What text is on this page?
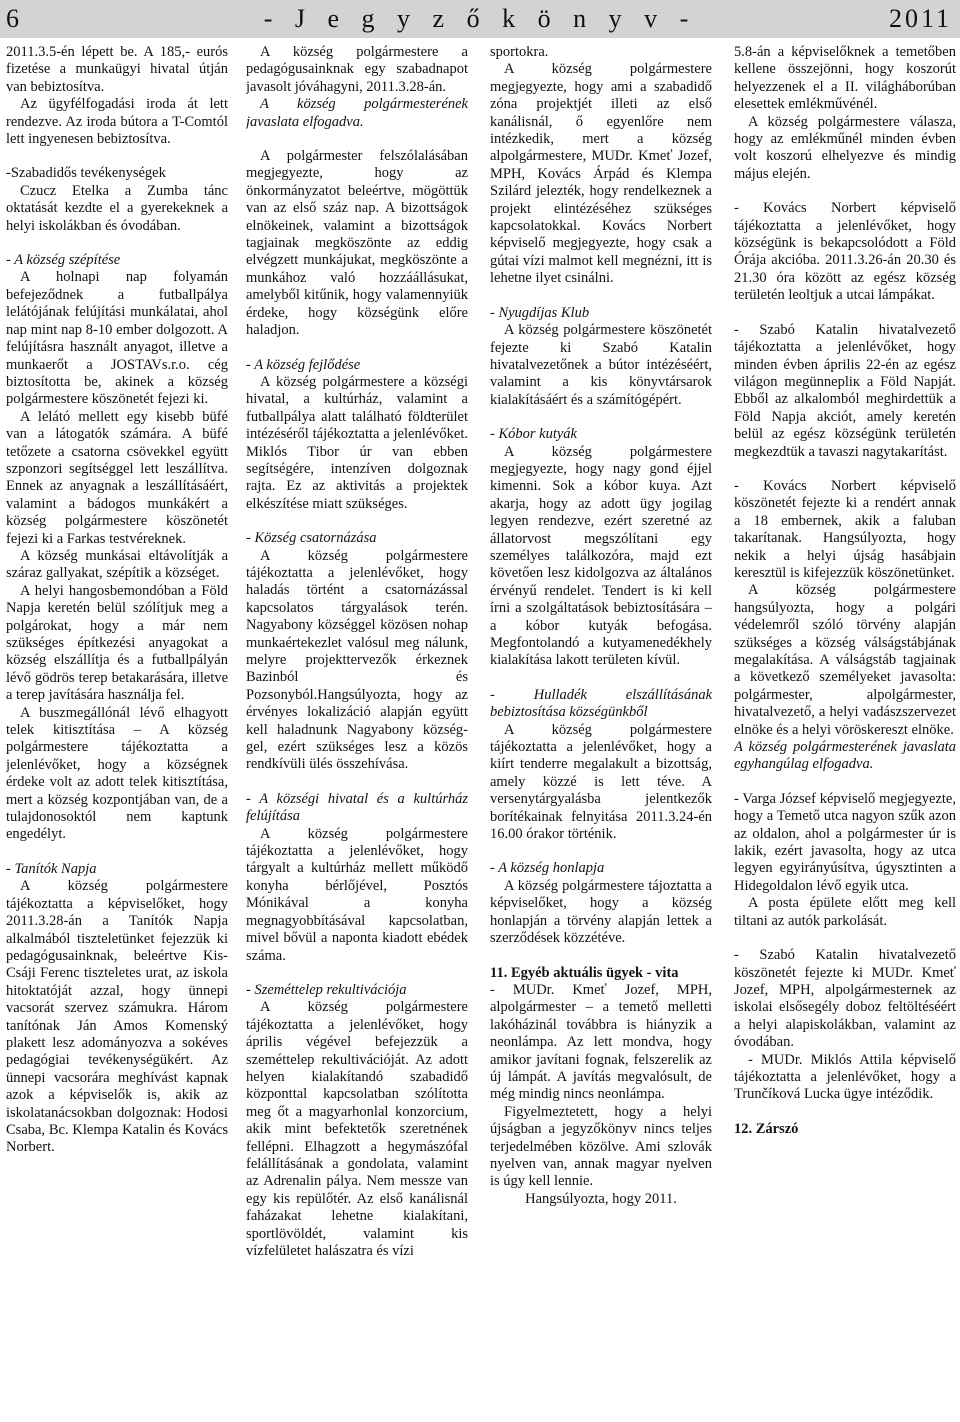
- J e g y z ő k ö n y v -
6	2011

2011.3.5-én lépett be. A 185,- eurós fizetése a munkaügyi hivatal útján van bebiztosítva.

Az ügyfélfogadási iroda át lett rendezve. Az iroda bútora a T-Comtól lett ingyenesen bebiztosítva.

-Szabadidős tevékenységek

Czucz Etelka a Zumba tánc oktatását kezdte el a gyerekeknek a helyi iskolákban és óvodában.

- A község szépítése

A holnapi nap folyamán befejeződnek a futballpálya lelátójának felújítási munkálatai, ahol nap mint nap 8-10 ember dolgozott. A felújításra használt anyagot, illetve a munkaerőt a JOSTAVs.r.o. cég biztosította be, akinek a község polgármestere köszönetét fejezi ki.

A lelátó mellett egy kisebb büfé van a látogatók számára. A büfé tetőzete a csatorna csövekkel együtt szponzori segítséggel lett leszállítva. Ennek az anyagnak a leszállításáért, valamint a bádogos munkákért a község polgármestere köszönetét fejezi ki a Farkas testvéreknek.

A község munkásai eltávolítják a száraz gallyakat, szépítik a községet.

A helyi hangosbemondóban a Föld Napja keretén belül szólítjuk meg a polgárokat, hogy a már nem szükséges építkezési anyagokat a község elszállítja és a futballpályán lévő gödrös terep betakarására, illetve a terep javítására használja fel.

A buszmegállónál lévő elhagyott telek kitisztítása – A község polgármestere tájékoztatta a jelenlévőket, hogy a községnek érdeke volt az adott telek kitisztítása, mert a község kozpontjában van, de a tulajdonosoktól nem kaptunk engedélyt.

- Tanítók Napja

A község polgármestere tájékoztatta a képviselőket, hogy 2011.3.28-án a Tanítók Napja alkalmából tiszteletünket fejezzük ki pedagógusainknak, beleértve Kis-Csáji Ferenc tiszteletes urat, az iskola hitoktatóját azzal, hogy ünnepi vacsorát szervez számukra. Három tanítónak Ján Amos Komenský plakett lesz adományozva a sokéves pedagógiai tevékenységükért. Az ünnepi vacsorára meghívást kapnak azok a képviselők is, akik az iskolatanácsokban dolgoznak: Hodosi Csaba, Bc. Klempa Katalin és Kovács Norbert.

A község polgármestere a pedagógusainknak egy szabadnapot javasolt jóváhagyni, 2011.3.28-án.

A község polgármesterének javaslata elfogadva.

A polgármester felszólalásában megjegyezte, hogy az önkormányzatot beleértve, mögöttük van az első száz nap. A bizottságok elnökeinek, valamint a bizottságok tagjainak megköszönte az eddig elvégzett munkájukat, megköszönte a munkához való hozzáállásukat, amelyből kitűnik, hogy valamennyiük érdeke, hogy községünk előre haladjon.

- A község fejlődése

A község polgármestere a községi hivatal, a kultúrház, valamint a futballpálya alatt található földterület intézéséről tájékoztatta a jelenlévőket. Miklós Tibor úr van ebben segítségére, intenzíven dolgoznak rajta. Ez az aktivitás a projektek elkészítése miatt szükséges.

- Község csatornázása

A község polgármestere tájékoztatta a jelenlévőket, hogy haladás történt a csatornázással kapcsolatos tárgyalások terén. Nagyabony községgel közösen nohap munkaértekezlet valósul meg nálunk, melyre projekttervezők érkeznek Bazinból és Pozsonyból.Hangsúlyozta, hogy az érvényes lokalizáció alapján együtt kell haladnunk Nagyabony község-gel, ezért szükséges lesz a közös rendkívüli ülés összehívása.

- A községi hivatal és a kultúrház felújítása

A község polgármestere tájékoztatta a jelenlévőket, hogy tárgyalt a kultúrház mellett működő konyha bérlőjével, Posztós Mónikával a konyha megnagyobbításával kapcsolatban, mivel bővül a naponta kiadott ebédek száma.

- Szeméttelep rekultivációja

A község polgármestere tájékoztatta a jelenlévőket, hogy április végével befejezzük a szeméttelep rekultivációját. Az adott helyen kialakítandó szabadidő központtal kapcsolatban szólította meg őt a magyarhonlal konzorcium, akik mint befektetők szeretnének fellépni. Elhagzott a hegymászófal felállításának a gondolata, valamint az Adrenalin pálya. Nem messze van egy kis repülőtér. Az első kanálisnál faházakat lehetne kialakítani, sportlövöldét, valamint kis vízfelületet halászatra és vízi

sportokra.

A község polgármestere megjegyezte, hogy ami a szabadidő zóna projektjét illeti az első kanálisnál, ő egyenlőre nem intézkedik, mert a község alpolgármestere, MUDr. Kmeť Jozef, MPH, Kovács Árpád és Klempa Szilárd jelezték, hogy rendelkeznek a projekt elintézéséhez szükséges kapcsolatokkal. Kovács Norbert képviselő megjegyezte, hogy csak a gútai vízi malmot kell megnézni, itt is lehetne ilyet csinálni.

- Nyugdíjas Klub

A község polgármestere köszönetét fejezte ki Szabó Katalin hivatalvezetőnek a bútor intézéséért, valamint a kis könyvtársarok kialakításáért és a számítógépért.

- Kóbor kutyák

A község polgármestere megjegyezte, hogy nagy gond éjjel kimenni. Sok a kóbor kuya. Azt akarja, hogy az adott ügy jogilag legyen rendezve, ezért szeretné az állatorvost megszólítani egy személyes találkozóra, majd ezt követően lesz kidolgozva az általános érvényű rendelet. Tendert is ki kell írni a szolgáltatások bebiztosítására – a kóbor kutyák befogása. Megfontolandó a kutyamenedékhely kialakítása lakott területen kívül.

- Hulladék elszállításának bebiztosítása községünkből

A község polgármestere tájékoztatta a jelenlévőket, hogy a kiírt tenderre megalakult a bizottság, amely közzé is lett téve. A versenytárgyalásba jelentkezők borítékainak felnyitása 2011.3.24-én 16.00 órakor történik.

- A község honlapja

A község polgármestere tájoztatta a képviselőket, hogy a község honlapján a törvény alapján lettek a szerződések közzétéve.

11. Egyéb aktuális ügyek - vita

- MUDr. Kmeť Jozef, MPH, alpolgármester – a temető melletti lakóházinál továbbra is hiányzik a neonlámpa. Az lett mondva, hogy amikor javítani fognak, felszerelik az új lámpát. A javítás megvalósult, de még mindig nincs neonlámpa.

Figyelmeztetett, hogy a helyi újságban a jegyzőkönyv nincs teljes terjedelmében közölve. Ami szlovák nyelven van, annak magyar nyelven is úgy kell lennie.

Hangsúlyozta, hogy 2011.

5.8-án a képviselőknek a temetőben kellene összejönni, hogy koszorút helyezzenek el a II. világháborúban elesettek emlékművénél.

A község polgármestere válasza, hogy az emlékműnél minden évben volt koszorú elhelyezve és mindig május elején.

- Kovács Norbert képviselő tájékoztatta a jelenlévőket, hogy községünk is bekapcsolódott a Föld Órája akcióba. 2011.3.26-án 20.30 és 21.30 óra között az egész község területén leoltjuk a utcai lámpákat.

- Szabó Katalin hivatalvezető tájékoztatta a jelenlévőket, hogy minden évben április 22-én az egész világon megünnepliк a Föld Napját. Ebből az alkalomból meghirdettük a Föld Napja akciót, amely keretén belül az egész községünk területén megkezdtük a tavaszi nagytakarítást.

- Kovács Norbert képviselő köszönetét fejezte ki a rendért annak a 18 embernek, akik a faluban takarítanak. Hangsúlyozta, hogy nekik a helyi újság hasábjain keresztül is kifejezzük köszönetünket.

A község polgármestere hangsúlyozta, hogy a polgári védelemről szóló törvény alapján szükséges a község válságstábjának megalakítása. A válságstáb tagjainak a következő személyeket javasolta: polgármester, alpolgármester, hivatalvezető, a helyi vadászszervezet elnöke és a helyi vöröskereszt elnöke.

A község polgármesterének javaslata egyhangúlag elfogadva.

- Varga József képviselő megjegyezte, hogy a Temető utca nagyon szűk azon az oldalon, ahol a polgármester úr is lakik, ezért javasolta, hogy az utca legyen egyirányúsítva, úgysztinten a Hidegoldalon lévő egyik utca.

A posta épülete előtt meg kell tiltani az autók parkolását.

- Szabó Katalin hivatalvezető köszönetét fejezte ki MUDr. Kmeť Jozef, MPH, alpolgármesternek az iskolai elsősegély doboz feltöltéséért a helyi alapiskolákban, valamint az óvodában.

- MUDr. Miklós Attila képviselő tájékoztatta a jelenlévőket, hogy a Trunčíková Lucka ügye intéződik.

12. Zárszó
